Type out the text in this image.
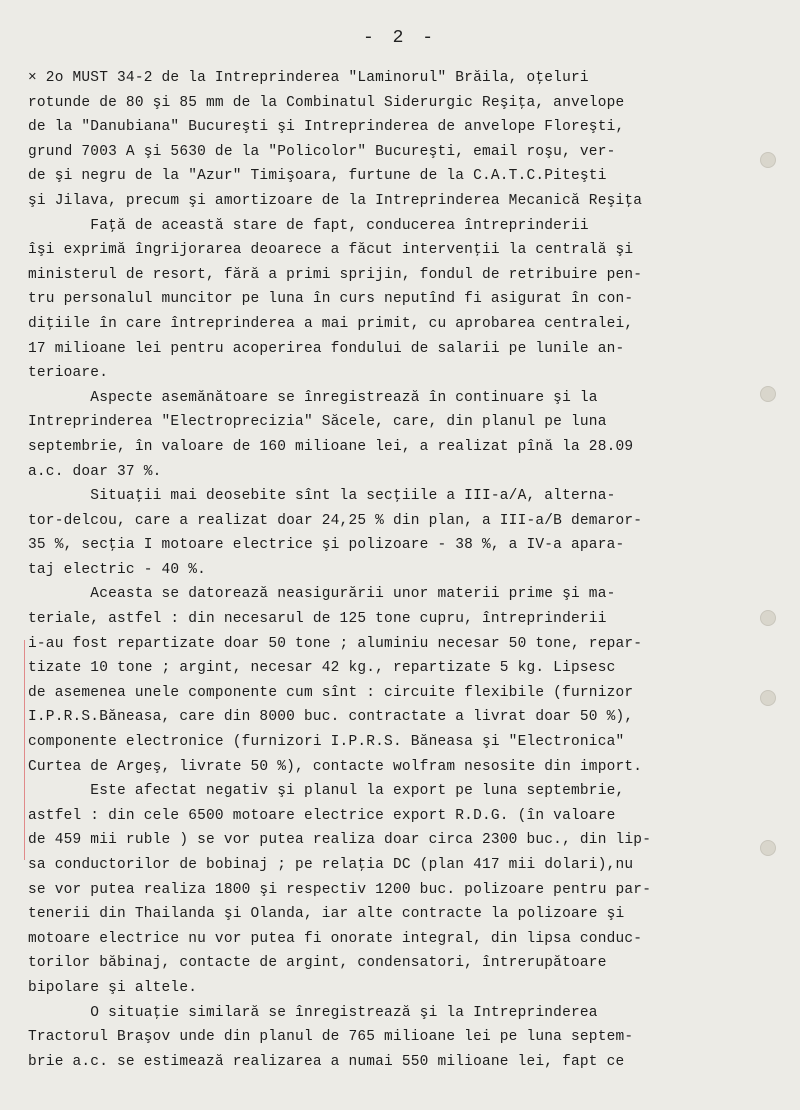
- 2 -
× 2o MUST 34-2 de la Intreprinderea "Laminorul" Brăila, oţeluri
rotunde de 80 şi 85 mm de la Combinatul Siderurgic Reşiţa, anvelope
de la "Danubiana" Bucureşti şi Intreprinderea de anvelope Floreşti,
grund 7003 A şi 5630 de la "Policolor" Bucureşti, email roşu, ver-
de şi negru de la "Azur" Timişoara, furtune de la C.A.T.C.Piteşti
şi Jilava, precum şi amortizoare de la Intreprinderea Mecanică Reşiţa
Faţă de această stare de fapt, conducerea întreprinderii
îşi exprimă îngrijorarea deoarece a făcut intervenţii la centrală şi
ministerul de resort, fără a primi sprijin, fondul de retribuire pen-
tru personalul muncitor pe luna în curs neputînd fi asigurat în con-
diţiile în care întreprinderea a mai primit, cu aprobarea centralei,
17 milioane lei pentru acoperirea fondului de salarii pe lunile an-
terioare.
Aspecte asemănătoare se înregistrează în continuare şi la
Intreprinderea "Electroprecizia" Săcele, care, din planul pe luna
septembrie, în valoare de 160 milioane lei, a realizat pînă la 28.09
a.c. doar 37 %.
Situaţii mai deosebite sînt la secţiile a III-a/A, alterna-
tor-delcou, care a realizat doar 24,25 % din plan, a III-a/B demaror-
35 %, secţia I motoare electrice şi polizoare - 38 %, a IV-a apara-
taj electric - 40 %.
Aceasta se datorează neasigurării unor materii prime şi ma-
teriale, astfel : din necesarul de 125 tone cupru, întreprinderii
i-au fost repartizate doar 50 tone ; aluminiu necesar 50 tone, repar-
tizate 10 tone ; argint, necesar 42 kg., repartizate 5 kg. Lipsesc
de asemenea unele componente cum sînt : circuite flexibile (furnizor
I.P.R.S.Băneasa, care din 8000 buc. contractate a livrat doar 50 %),
componente electronice (furnizori I.P.R.S. Băneasa şi "Electronica"
Curtea de Argeş, livrate 50 %), contacte wolfram nesosite din import.
Este afectat negativ şi planul la export pe luna septembrie,
astfel : din cele 6500 motoare electrice export R.D.G. (în valoare
de 459 mii ruble ) se vor putea realiza doar circa 2300 buc., din lip-
sa conductorilor de bobinaj ; pe relaţia DC (plan 417 mii dolari),nu
se vor putea realiza 1800 şi respectiv 1200 buc. polizoare pentru par-
tenerii din Thailanda şi Olanda, iar alte contracte la polizoare şi
motoare electrice nu vor putea fi onorate integral, din lipsa conduc-
torilor băbinaj, contacte de argint, condensatori, întrerupătoare
bipolare şi altele.
O situaţie similară se înregistrează şi la Intreprinderea
Tractorul Braşov unde din planul de 765 milioane lei pe luna septem-
brie a.c. se estimează realizarea a numai 550 milioane lei, fapt ce
